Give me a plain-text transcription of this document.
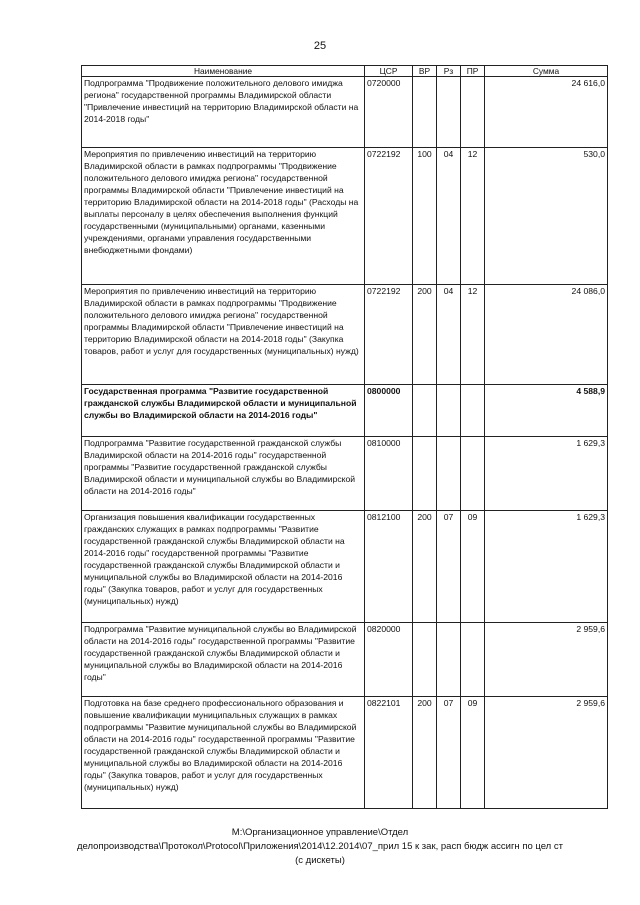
25
Наименование	ЦСР	ВР	Рз	ПР	Сумма
Подпрограмма "Продвижение положительного делового имиджа региона" государственной программы Владимирской области "Привлечение инвестиций на территорию Владимирской области на 2014-2018 годы"	0720000				24 616,0
Мероприятия по привлечению инвестиций на территорию Владимирской области в рамках подпрограммы "Продвижение положительного делового имиджа региона" государственной программы Владимирской области "Привлечение инвестиций на территорию Владимирской области на 2014-2018 годы" (Расходы на выплаты персоналу в целях обеспечения выполнения функций государственными (муниципальными) органами, казенными учреждениями, органами управления государственными внебюджетными фондами)	0722192	100	04	12	530,0
Мероприятия по привлечению инвестиций на территорию Владимирской области в рамках подпрограммы "Продвижение положительного делового имиджа региона" государственной программы Владимирской области "Привлечение инвестиций на территорию Владимирской области на 2014-2018 годы" (Закупка товаров, работ и услуг для государственных (муниципальных) нужд)	0722192	200	04	12	24 086,0
Государственная программа "Развитие государственной гражданской службы Владимирской области и муниципальной службы во Владимирской области на 2014-2016 годы"	0800000				4 588,9
Подпрограмма "Развитие государственной гражданской службы Владимирской области на 2014-2016 годы" государственной программы "Развитие государственной гражданской службы Владимирской области и муниципальной службы во Владимирской области на 2014-2016 годы"	0810000				1 629,3
Организация повышения квалификации государственных гражданских служащих в рамках подпрограммы "Развитие государственной гражданской службы Владимирской области на 2014-2016 годы" государственной программы "Развитие государственной гражданской службы Владимирской области и муниципальной службы во Владимирской области на 2014-2016 годы" (Закупка товаров, работ и услуг для государственных (муниципальных) нужд)	0812100	200	07	09	1 629,3
Подпрограмма "Развитие муниципальной службы во Владимирской области на 2014-2016 годы" государственной программы "Развитие государственной гражданской службы Владимирской области и муниципальной службы во Владимирской области на 2014-2016 годы"	0820000				2 959,6
Подготовка на базе среднего профессионального образования и повышение квалификации муниципальных служащих в рамках подпрограммы "Развитие муниципальной службы во Владимирской области на 2014-2016 годы" государственной программы "Развитие государственной гражданской службы Владимирской области и муниципальной службы во Владимирской области на 2014-2016 годы" (Закупка товаров, работ и услуг для государственных (муниципальных) нужд)	0822101	200	07	09	2 959,6
М:\Организационное управление\Отдел
делопроизводства\Протокол\Protocol\Приложения\2014\12.2014\07_прил 15 к зак, расп бюдж ассигн по цел ст
(с дискеты)
